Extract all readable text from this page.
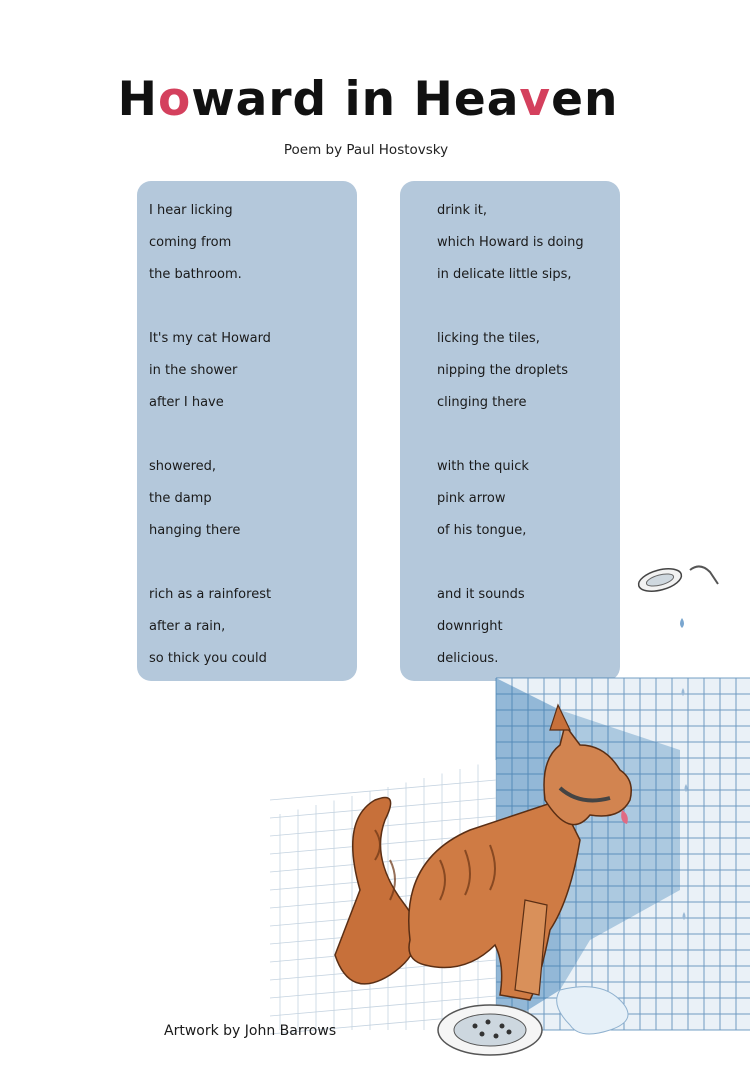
Howard in Heaven
Poem by Paul Hostovsky
I hear licking
coming from
the bathroom.
It's my cat Howard
in the shower
after I have
showered,
the damp
hanging there
rich as a rainforest
after a rain,
so thick you could
drink it,
which Howard is doing
in delicate little sips,
licking the tiles,
nipping the droplets
clinging there
with the quick
pink arrow
of his tongue,
and it sounds
downright
delicious.
Artwork by John Barrows
